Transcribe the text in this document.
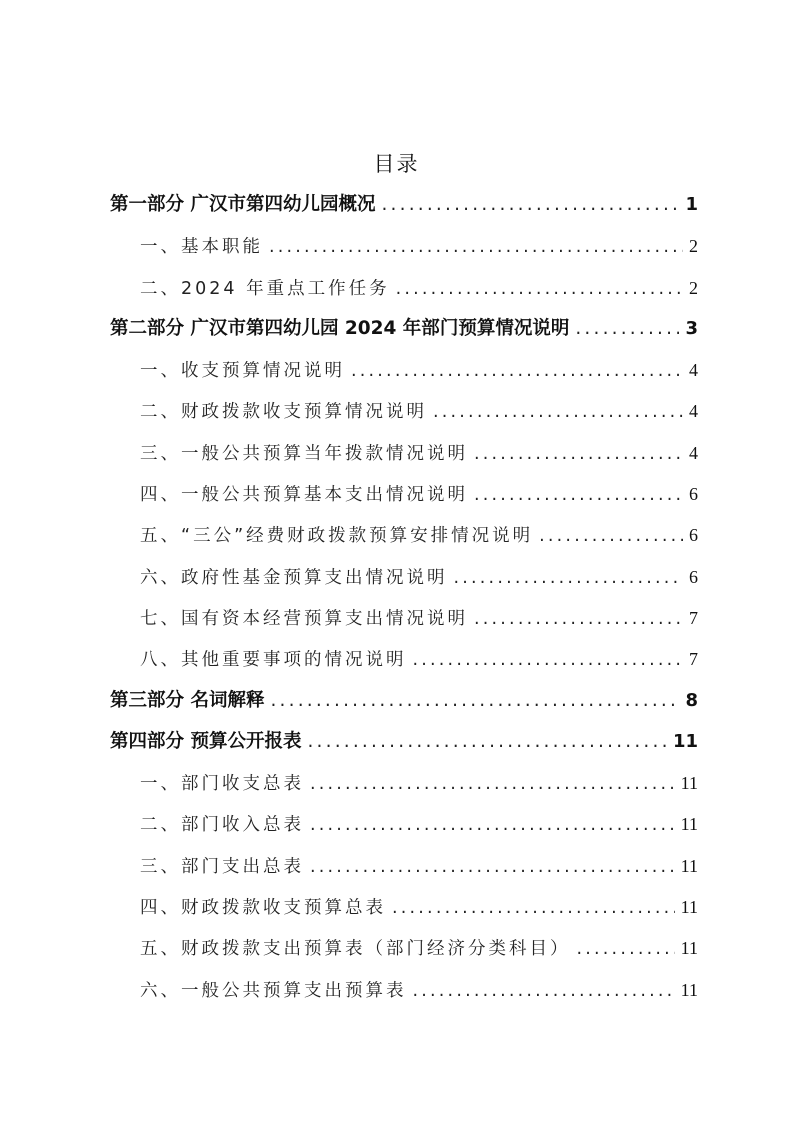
目录
第一部分 广汉市第四幼儿园概况 .....	1
一、基本职能 .....	2
二、2024 年重点工作任务 .....	2
第二部分 广汉市第四幼儿园 2024 年部门预算情况说明 .....	3
一、收支预算情况说明 .....	4
二、财政拨款收支预算情况说明 .....	4
三、一般公共预算当年拨款情况说明 .....	4
四、一般公共预算基本支出情况说明 .....	6
五、“三公”经费财政拨款预算安排情况说明 .....	6
六、政府性基金预算支出情况说明 .....	6
七、国有资本经营预算支出情况说明 .....	7
八、其他重要事项的情况说明 .....	7
第三部分 名词解释 .....	8
第四部分 预算公开报表 .....	11
一、部门收支总表 .....	11
二、部门收入总表 .....	11
三、部门支出总表 .....	11
四、财政拨款收支预算总表 .....	11
五、财政拨款支出预算表（部门经济分类科目） .....	11
六、一般公共预算支出预算表 .....	11
